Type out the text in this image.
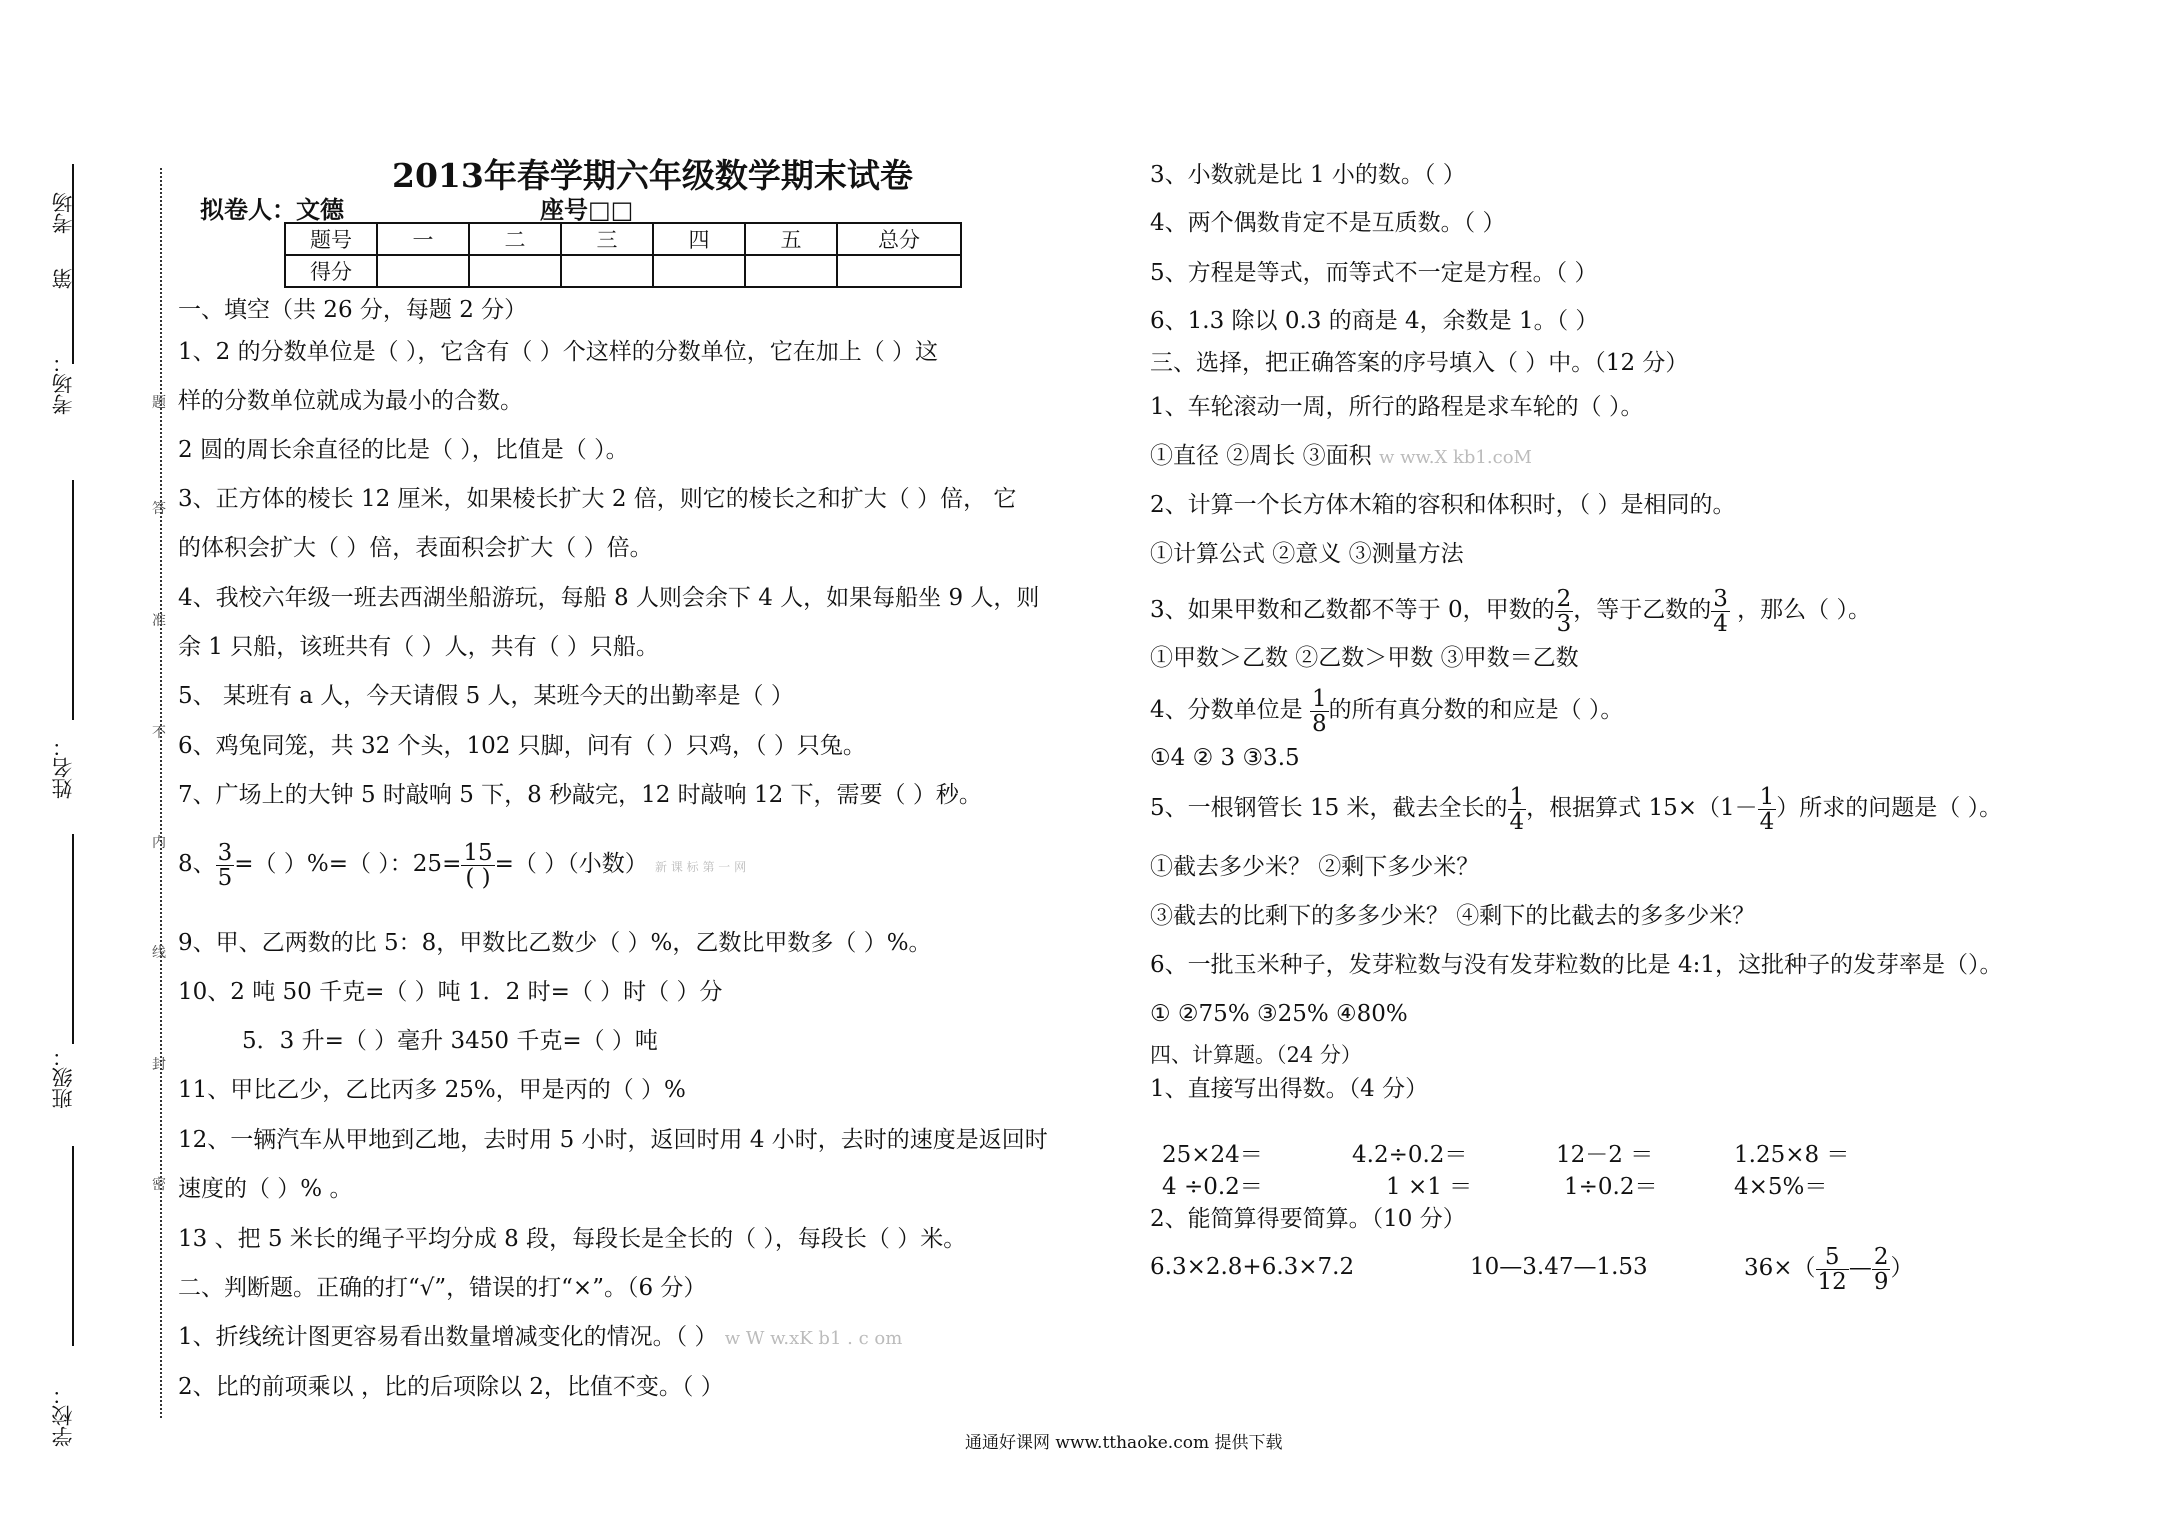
第
考场
考场：
姓名：
班级：
学校：
题
答
准
不
内
线
封
密
2013年春学期六年级数学期末试卷
拟卷人：文德	座号□□
题号	一	二	三	四	五	总分
得分						
一、填空（共 26 分，每题 2 分）
1、2 的分数单位是（ ），它含有（ ）个这样的分数单位，它在加上（ ）这
样的分数单位就成为最小的合数。
2 圆的周长余直径的比是（ ），比值是（ ）。
3、正方体的棱长 12 厘米，如果棱长扩大 2 倍，则它的棱长之和扩大（ ）倍， 它
的体积会扩大（ ）倍，表面积会扩大（ ）倍。
4、我校六年级一班去西湖坐船游玩，每船 8 人则会余下 4 人，如果每船坐 9 人，则
余 1 只船，该班共有（ ）人，共有（ ）只船。
5、 某班有 a 人，今天请假 5 人，某班今天的出勤率是（ ）
6、鸡兔同笼，共 32 个头，102 只脚，问有（ ）只鸡，（ ）只兔。
7、广场上的大钟 5 时敲响 5 下，8 秒敲完，12 时敲响 12 下，需要（ ）秒。
8、 $\frac{3}{5}$ =（ ）%=（ ）：$25= \frac{15}{( )}$ =（ ）（小数） 新 课 标 第 一 网
9、甲、乙两数的比 5：8，甲数比乙数少（ ）%，乙数比甲数多（ ）%。
10、2 吨 50 千克=（ ）吨 1．2 时=（ ）时（ ）分
5．3 升=（ ）毫升 3450 千克=（ ）吨
11、甲比乙少，乙比丙多 25%，甲是丙的（ ）%
12、一辆汽车从甲地到乙地，去时用 5 小时，返回时用 4 小时，去时的速度是返回时
速度的（ ）% 。
13 、把 5 米长的绳子平均分成 8 段，每段长是全长的（ ），每段长（ ）米。
二、判断题。正确的打“√”，错误的打“×”。（6 分）
1、折线统计图更容易看出数量增减变化的情况。（ ） w W w.xK b1 . c om
2、比的前项乘以 ，比的后项除以 2，比值不变。（ ）
3、小数就是比 1 小的数。（ ）
4、两个偶数肯定不是互质数。（ ）
5、方程是等式，而等式不一定是方程。（ ）
6、1.3 除以 0.3 的商是 4，余数是 1。（ ）
三、选择，把正确答案的序号填入（ ）中。（12 分）
1、车轮滚动一周，所行的路程是求车轮的（ ）。
①直径 ②周长 ③面积 w ww.X kb1.coM
2、计算一个长方体木箱的容积和体积时，（ ）是相同的。
①计算公式 ②意义 ③测量方法
3、如果甲数和乙数都不等于 0，甲数的 $\frac{2}{3}$ ，等于乙数的 $\frac{3}{4}$ ，那么（ ）。
①甲数＞乙数 ②乙数＞甲数 ③甲数＝乙数
4、分数单位是 $\frac{1}{8}$ 的所有真分数的和应是（ ）。
①4 ② 3 ③3.5
5、一根钢管长 15 米，截去全长的 $\frac{1}{4}$ ，根据算式 $15\times(1- \frac{1}{4}$ ）所求的问题是（ ）。
①截去多少米？ ②剩下多少米？
③截去的比剩下的多多少米？ ④剩下的比截去的多多少米？
6、一批玉米种子，发芽粒数与没有发芽粒数的比是 4:1，这批种子的发芽率是（）。
① ②75% ③25% ④80%
四、计算题。（24 分）
1、直接写出得数。（4 分）
25×24＝	4.2÷0.2＝	12－2 ＝	1.25×8 ＝
4 ÷0.2＝	1 ×1 ＝	1÷0.2＝	4×5%＝
2、能简算得要简算。（10 分）
6.3×2.8+6.3×7.2	10—3.47—1.53	$36\times( \frac{5}{12}$ — $\frac{2}{9}$ ）
通通好课网 www.tthaoke.com 提供下载
